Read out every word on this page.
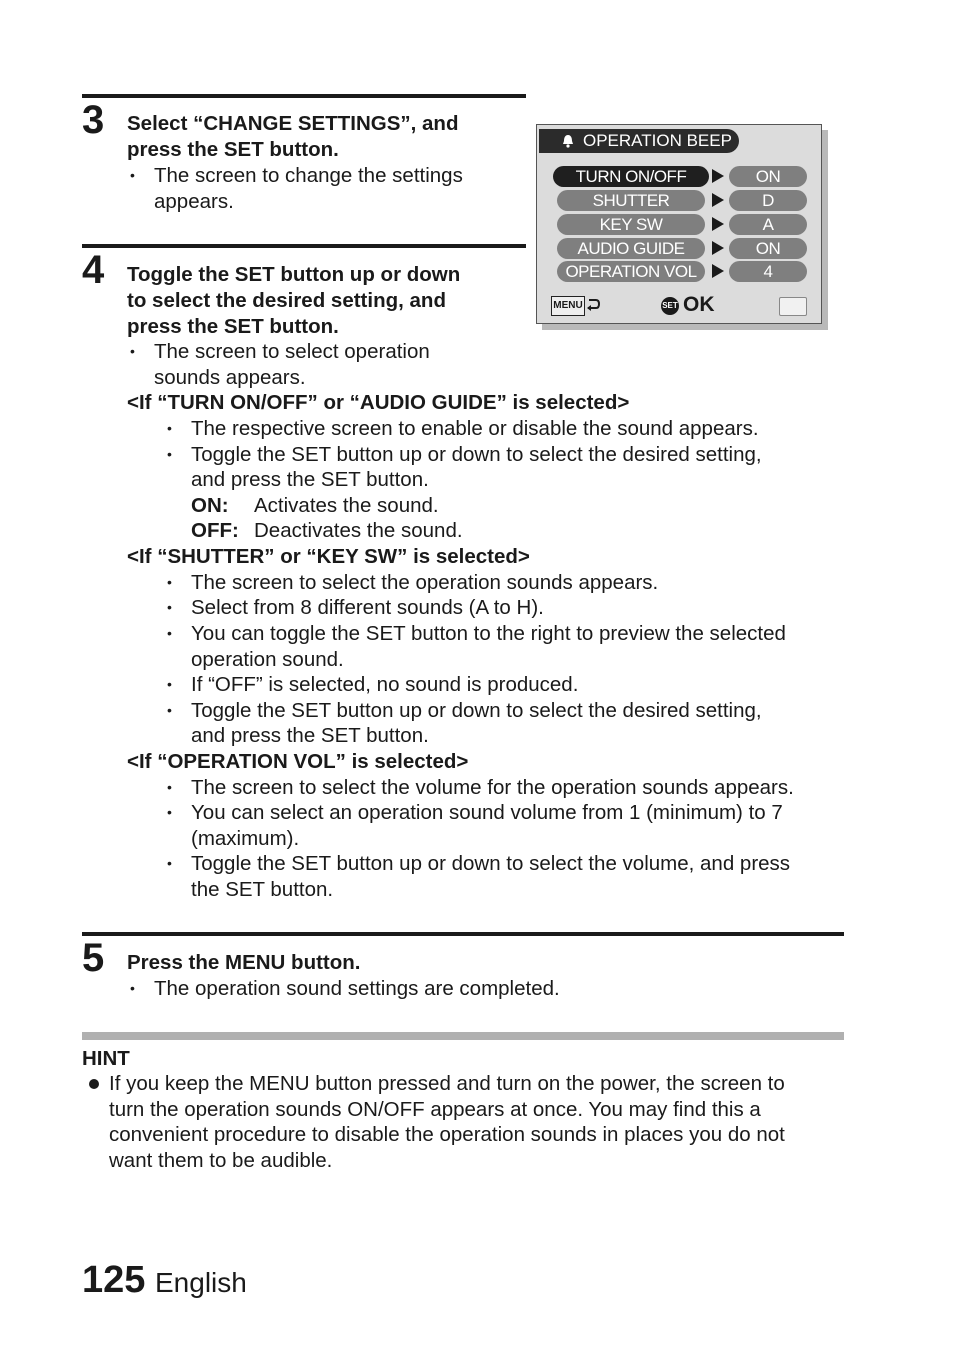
3 Select “CHANGE SETTINGS”, and
press the SET button.
• The screen to change the settings
appears.
OPERATION BEEP
TURN ON/OFF	ON
SHUTTER	D
KEY SW	A
AUDIO GUIDE	ON
OPERATION VOL	4
MENU	SET OK
4 Toggle the SET button up or down
to select the desired setting, and
press the SET button.
• The screen to select operation
sounds appears.
<If “TURN ON/OFF” or “AUDIO GUIDE” is selected>
• The respective screen to enable or disable the sound appears.
• Toggle the SET button up or down to select the desired setting,
and press the SET button.
ON: Activates the sound.
OFF: Deactivates the sound.
<If “SHUTTER” or “KEY SW” is selected>
• The screen to select the operation sounds appears.
• Select from 8 different sounds (A to H).
• You can toggle the SET button to the right to preview the selected
operation sound.
• If “OFF” is selected, no sound is produced.
• Toggle the SET button up or down to select the desired setting,
and press the SET button.
<If “OPERATION VOL” is selected>
• The screen to select the volume for the operation sounds appears.
• You can select an operation sound volume from 1 (minimum) to 7
(maximum).
• Toggle the SET button up or down to select the volume, and press
the SET button.
5 Press the MENU button.
• The operation sound settings are completed.
HINT
If you keep the MENU button pressed and turn on the power, the screen to
turn the operation sounds ON/OFF appears at once. You may find this a
convenient procedure to disable the operation sounds in places you do not
want them to be audible.
125 English
